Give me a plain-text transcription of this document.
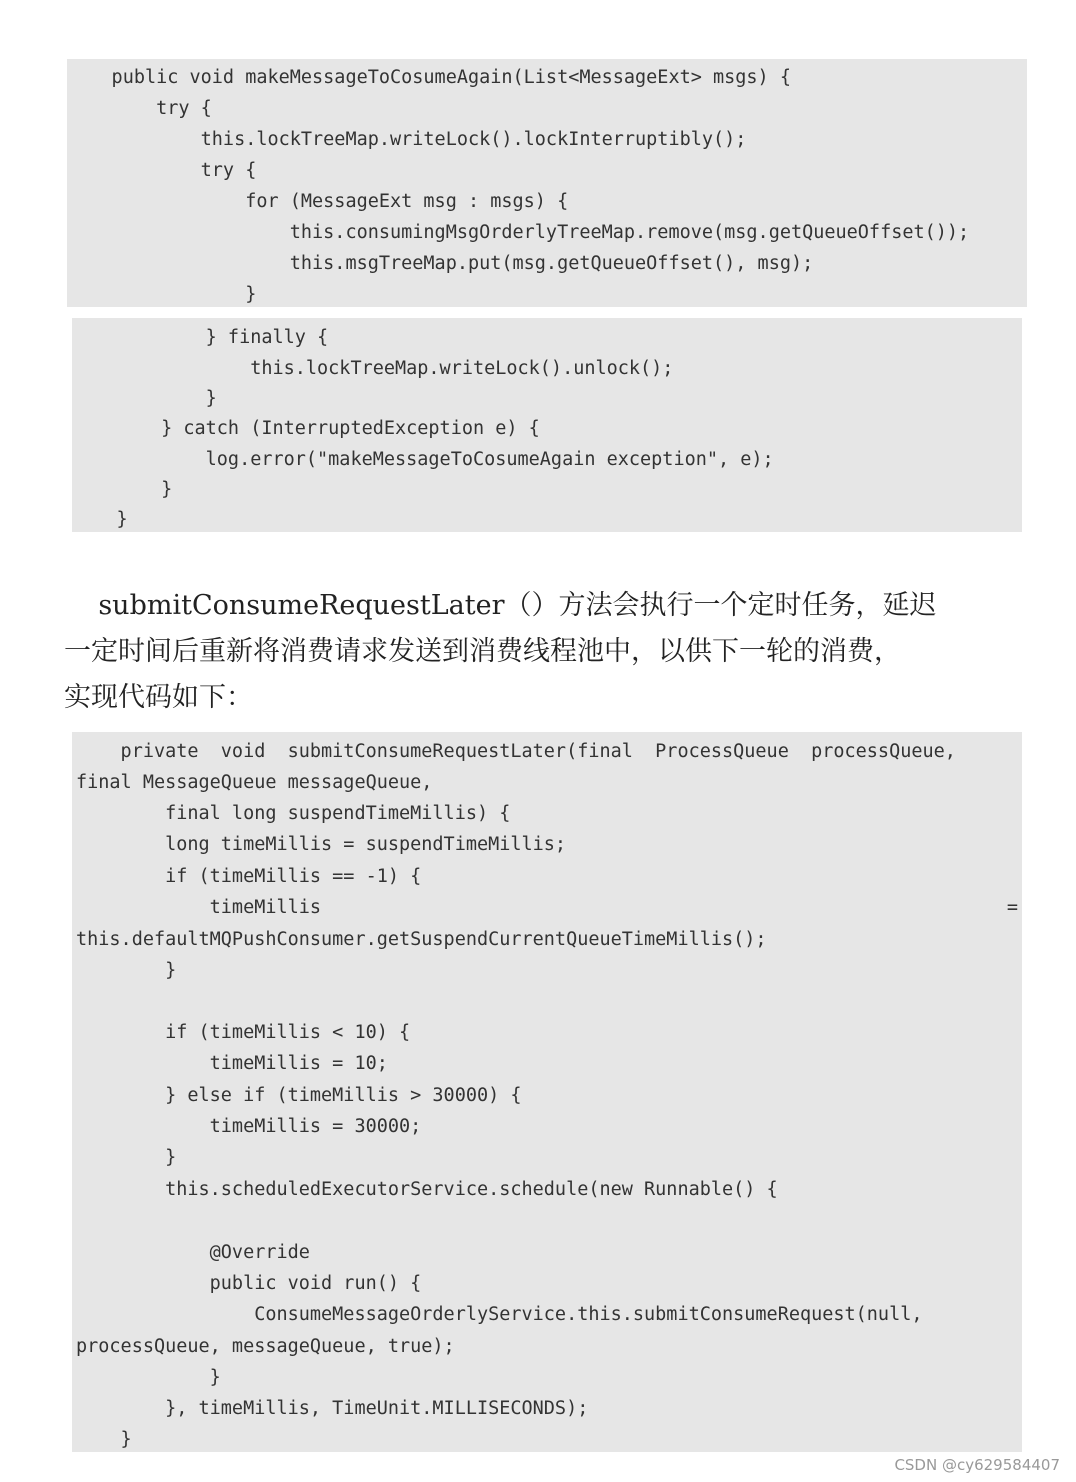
public void makeMessageToCosumeAgain(List<MessageExt> msgs) {
try {
this.lockTreeMap.writeLock().lockInterruptibly();
try {
for (MessageExt msg : msgs) {
this.consumingMsgOrderlyTreeMap.remove(msg.getQueueOffset());
this.msgTreeMap.put(msg.getQueueOffset(), msg);
}
} finally {
this.lockTreeMap.writeLock().unlock();
}
} catch (InterruptedException e) {
log.error("makeMessageToCosumeAgain exception", e);
}
}
submitConsumeRequestLater（）方法会执行一个定时任务，延迟
一定时间后重新将消费请求发送到消费线程池中，以供下一轮的消费，
实现代码如下：
private  void  submitConsumeRequestLater(final  ProcessQueue  processQueue,
final MessageQueue messageQueue,
final long suspendTimeMillis) {
long timeMillis = suspendTimeMillis;
if (timeMillis == -1) {
timeMillis	=
this.defaultMQPushConsumer.getSuspendCurrentQueueTimeMillis();
}
if (timeMillis < 10) {
timeMillis = 10;
} else if (timeMillis > 30000) {
timeMillis = 30000;
}
this.scheduledExecutorService.schedule(new Runnable() {
@Override
public void run() {
ConsumeMessageOrderlyService.this.submitConsumeRequest(null,
processQueue, messageQueue, true);
}
}, timeMillis, TimeUnit.MILLISECONDS);
}
CSDN @cy629584407
